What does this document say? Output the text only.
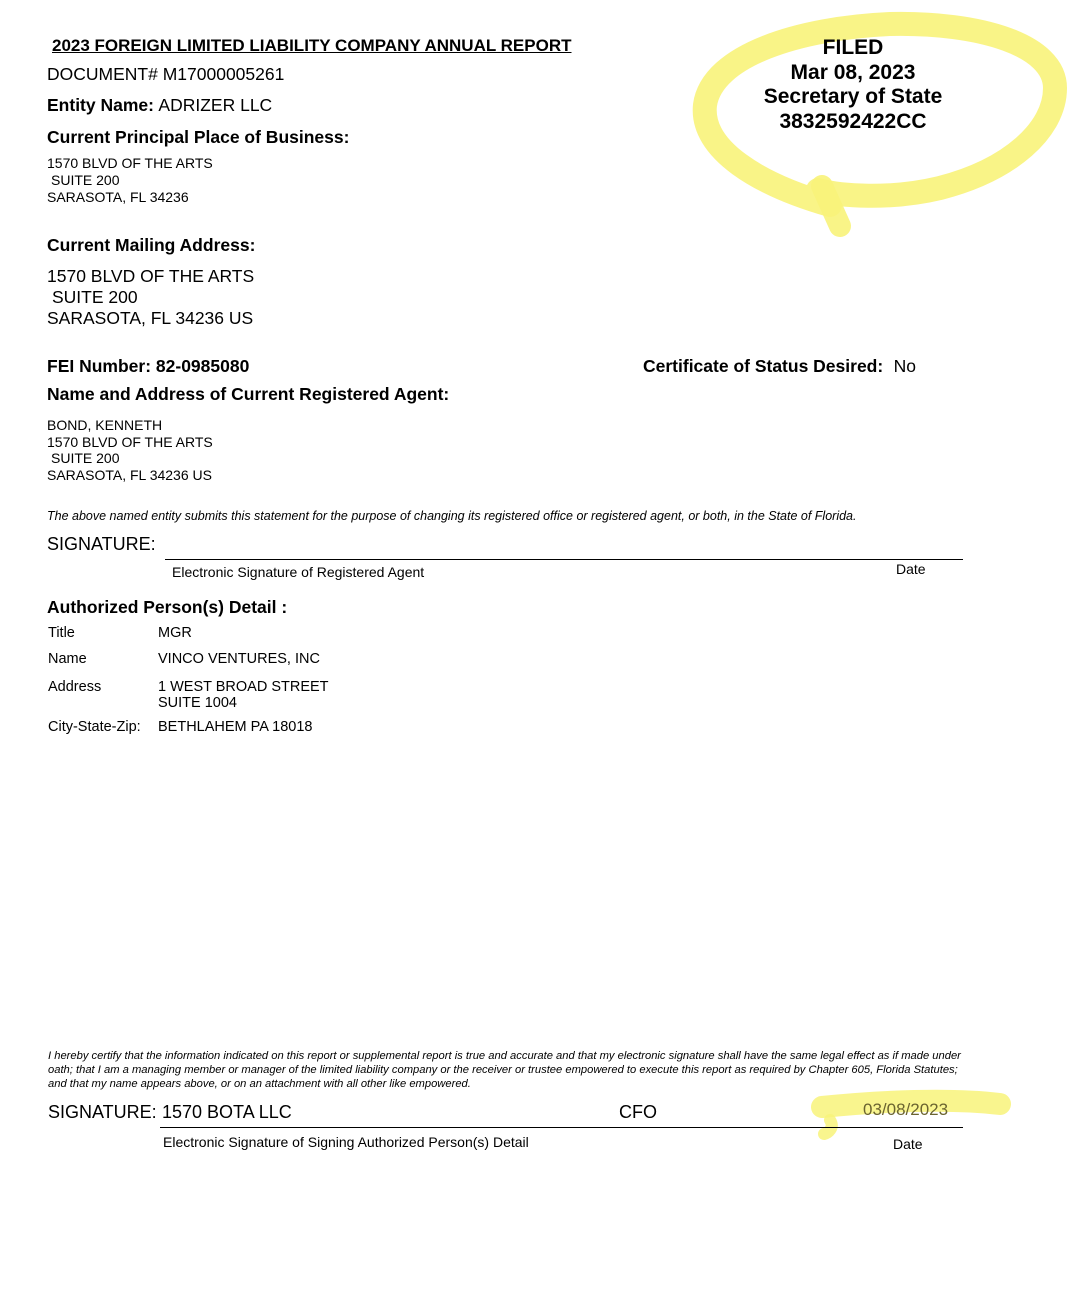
2023 FOREIGN LIMITED LIABILITY COMPANY ANNUAL REPORT
DOCUMENT# M17000005261
FILED
Mar 08, 2023
Secretary of State
3832592422CC
Entity Name: ADRIZER LLC
Current Principal Place of Business:
1570 BLVD OF THE ARTS
SUITE 200
SARASOTA, FL 34236
Current Mailing Address:
1570 BLVD OF THE ARTS
SUITE 200
SARASOTA, FL 34236 US
FEI Number: 82-0985080	Certificate of Status Desired: No
Name and Address of Current Registered Agent:
BOND, KENNETH
1570 BLVD OF THE ARTS
SUITE 200
SARASOTA, FL 34236 US
The above named entity submits this statement for the purpose of changing its registered office or registered agent, or both, in the State of Florida.
SIGNATURE:
Electronic Signature of Registered Agent	Date
Authorized Person(s) Detail :
Title	MGR
Name	VINCO VENTURES, INC
Address	1 WEST BROAD STREET
SUITE 1004
City-State-Zip: BETHLAHEM PA 18018
I hereby certify that the information indicated on this report or supplemental report is true and accurate and that my electronic signature shall have the same legal effect as if made under oath; that I am a managing member or manager of the limited liability company or the receiver or trustee empowered to execute this report as required by Chapter 605, Florida Statutes; and that my name appears above, or on an attachment with all other like empowered.
SIGNATURE: 1570 BOTA LLC	CFO	03/08/2023
Electronic Signature of Signing Authorized Person(s) Detail	Date
